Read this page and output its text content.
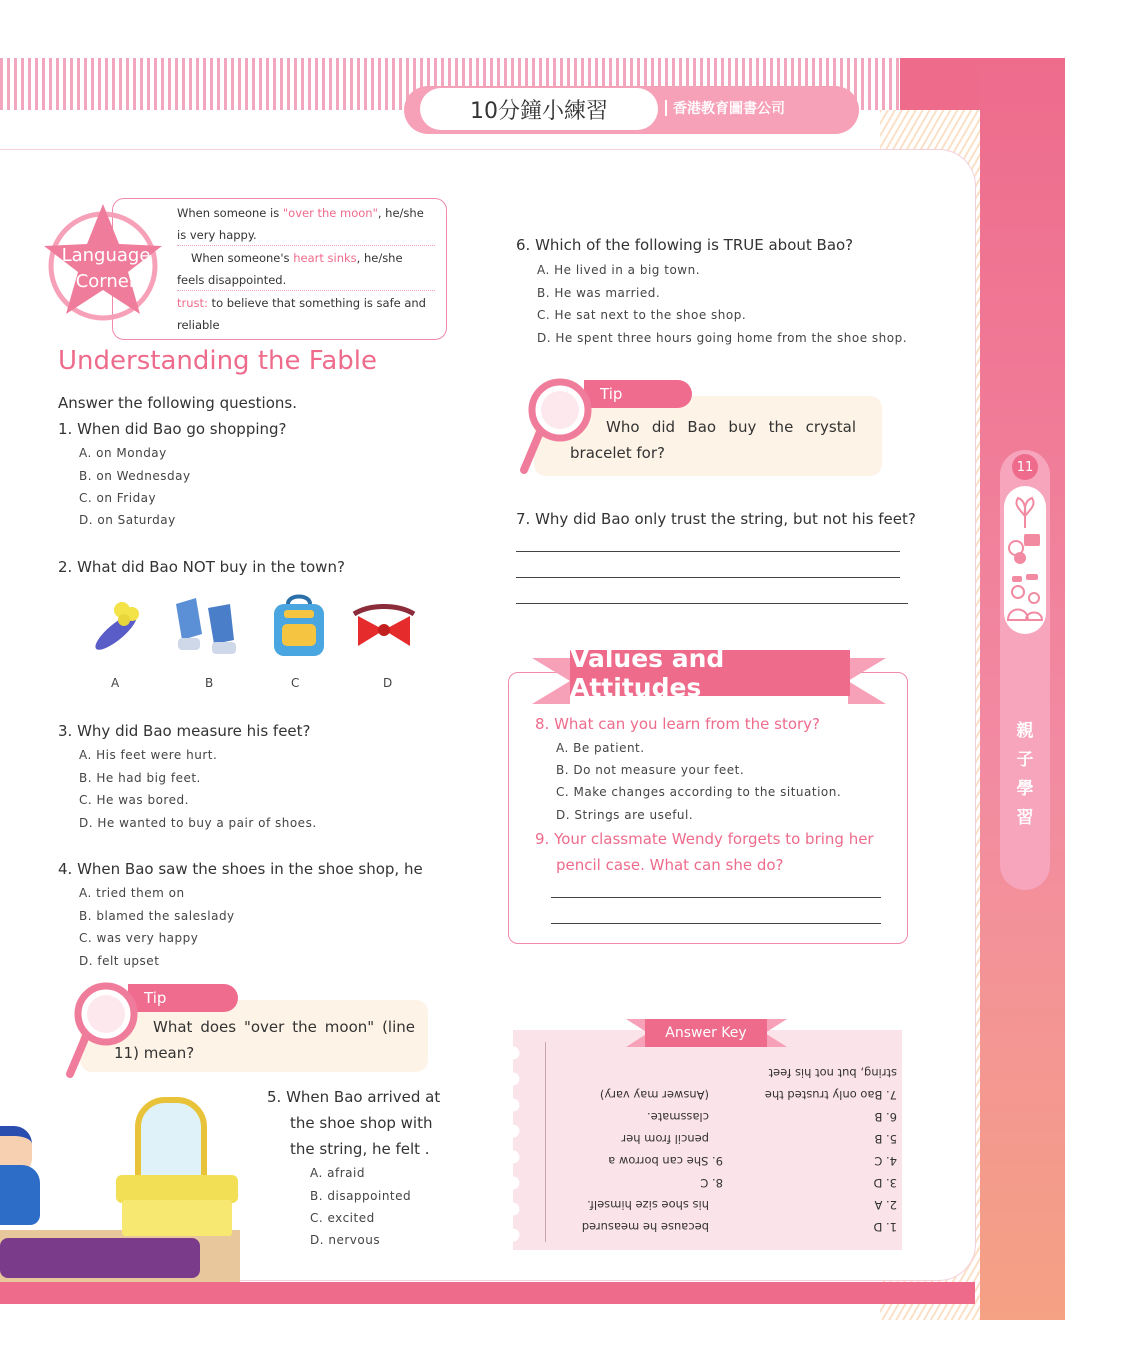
10分鐘小練習	香港教育圖書公司
11
親
子
學
習
Language
Corner
When someone is "over the moon", he/she
is very happy.
When someone's heart sinks, he/she
feels disappointed.
trust: to believe that something is safe and
reliable
Understanding the Fable
Answer the following questions.
1. When did Bao go shopping?
A. on Monday
B. on Wednesday
C. on Friday
D. on Saturday
2. What did Bao NOT buy in the town?
A	B	C	D
3. Why did Bao measure his feet?
A. His feet were hurt.
B. He had big feet.
C. He was bored.
D. He wanted to buy a pair of shoes.
4. When Bao saw the shoes in the shoe shop, he
A. tried them on
B. blamed the saleslady
C. was very happy
D. felt upset
Tip
What does "over the moon" (line
11) mean?
5. When Bao arrived at
the shoe shop with
the string, he felt .
A. afraid
B. disappointed
C. excited
D. nervous
6. Which of the following is TRUE about Bao?
A. He lived in a big town.
B. He was married.
C. He sat next to the shoe shop.
D. He spent three hours going home from the shoe shop.
Tip
Who did Bao buy the crystal
bracelet for?
7. Why did Bao only trust the string, but not his feet?
Values and Attitudes
8. What can you learn from the story?
A. Be patient.
B. Do not measure your feet.
C. Make changes according to the situation.
D. Strings are useful.
9. Your classmate Wendy forgets to bring her
pencil case. What can she do?
Answer Key
1. D
2. A
3. D
4. C
5. B
6. B
7. Bao only trusted the
string, but not his feet
because he measured
his shoe size himself.
8. C
9. She can borrow a
pencil from her
classmate.
(Answer may vary)
